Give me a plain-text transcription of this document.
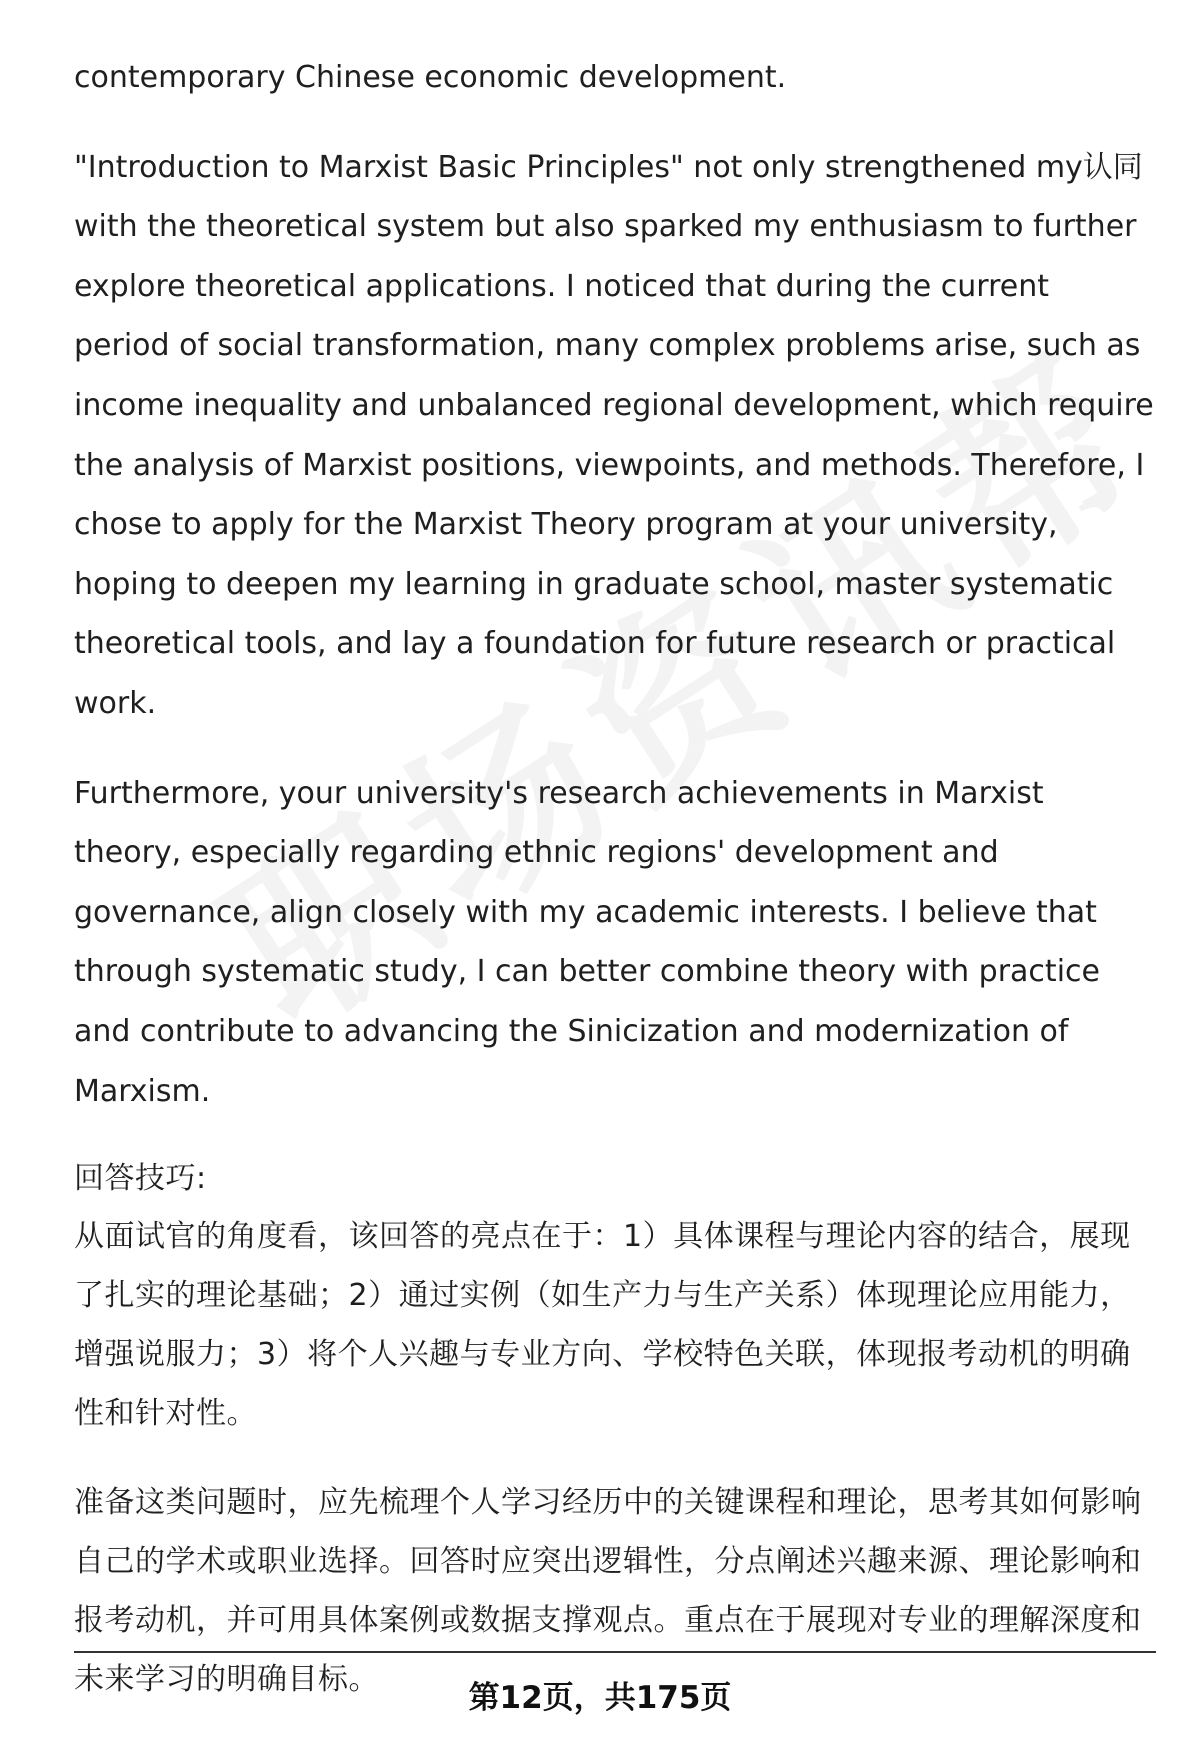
contemporary Chinese economic development.

"Introduction to Marxist Basic Principles" not only strengthened my认同 with the theoretical system but also sparked my enthusiasm to further explore theoretical applications. I noticed that during the current period of social transformation, many complex problems arise, such as income inequality and unbalanced regional development, which require the analysis of Marxist positions, viewpoints, and methods. Therefore, I chose to apply for the Marxist Theory program at your university, hoping to deepen my learning in graduate school, master systematic theoretical tools, and lay a foundation for future research or practical work.

Furthermore, your university's research achievements in Marxist theory, especially regarding ethnic regions' development and governance, align closely with my academic interests. I believe that through systematic study, I can better combine theory with practice and contribute to advancing the Sinicization and modernization of Marxism.

回答技巧:

从面试官的角度看，该回答的亮点在于：1）具体课程与理论内容的结合，展现了扎实的理论基础；2）通过实例（如生产力与生产关系）体现理论应用能力，增强说服力；3）将个人兴趣与专业方向、学校特色关联，体现报考动机的明确性和针对性。

准备这类问题时，应先梳理个人学习经历中的关键课程和理论，思考其如何影响自己的学术或职业选择。回答时应突出逻辑性，分点阐述兴趣来源、理论影响和报考动机，并可用具体案例或数据支撑观点。重点在于展现对专业的理解深度和未来学习的明确目标。

第12页，共175页
